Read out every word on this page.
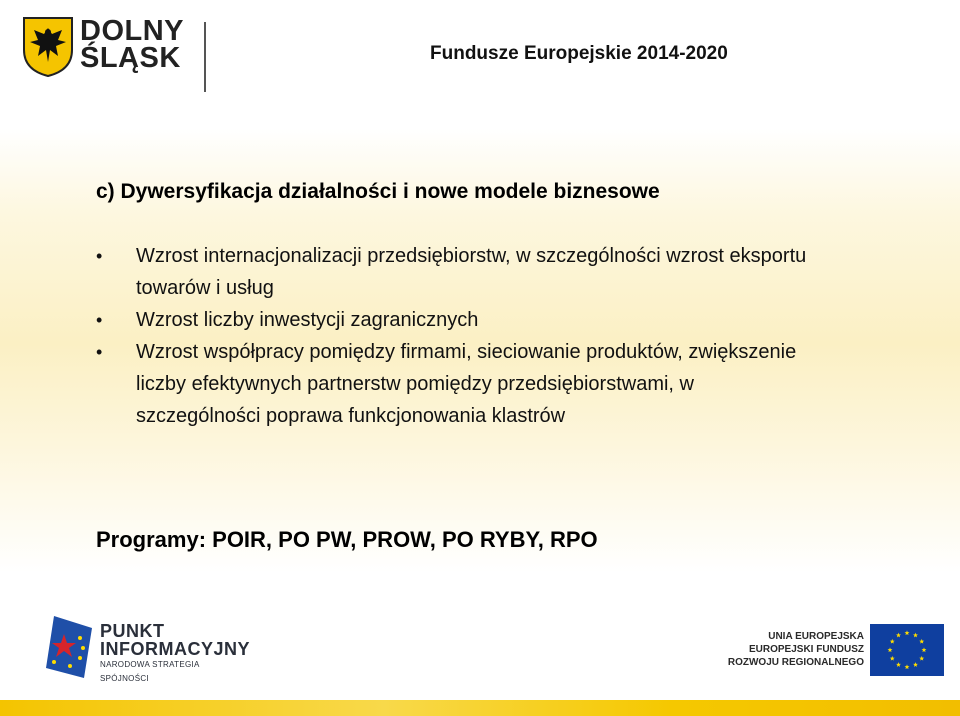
DOLNY
ŚLĄSK	Fundusze Europejskie 2014-2020
c) Dywersyfikacja działalności i nowe modele biznesowe
• Wzrost internacjonalizacji przedsiębiorstw, w szczególności wzrost eksportu towarów i usług
• Wzrost liczby inwestycji zagranicznych
• Wzrost współpracy pomiędzy firmami, sieciowanie produktów, zwiększenie liczby efektywnych partnerstw pomiędzy przedsiębiorstwami, w szczególności poprawa funkcjonowania klastrów
Programy: POIR, PO PW, PROW, PO RYBY, RPO
PUNKT
INFORMACYJNY
NARODOWA STRATEGIA SPÓJNOŚCI
UNIA EUROPEJSKA
EUROPEJSKI FUNDUSZ
ROZWOJU REGIONALNEGO
